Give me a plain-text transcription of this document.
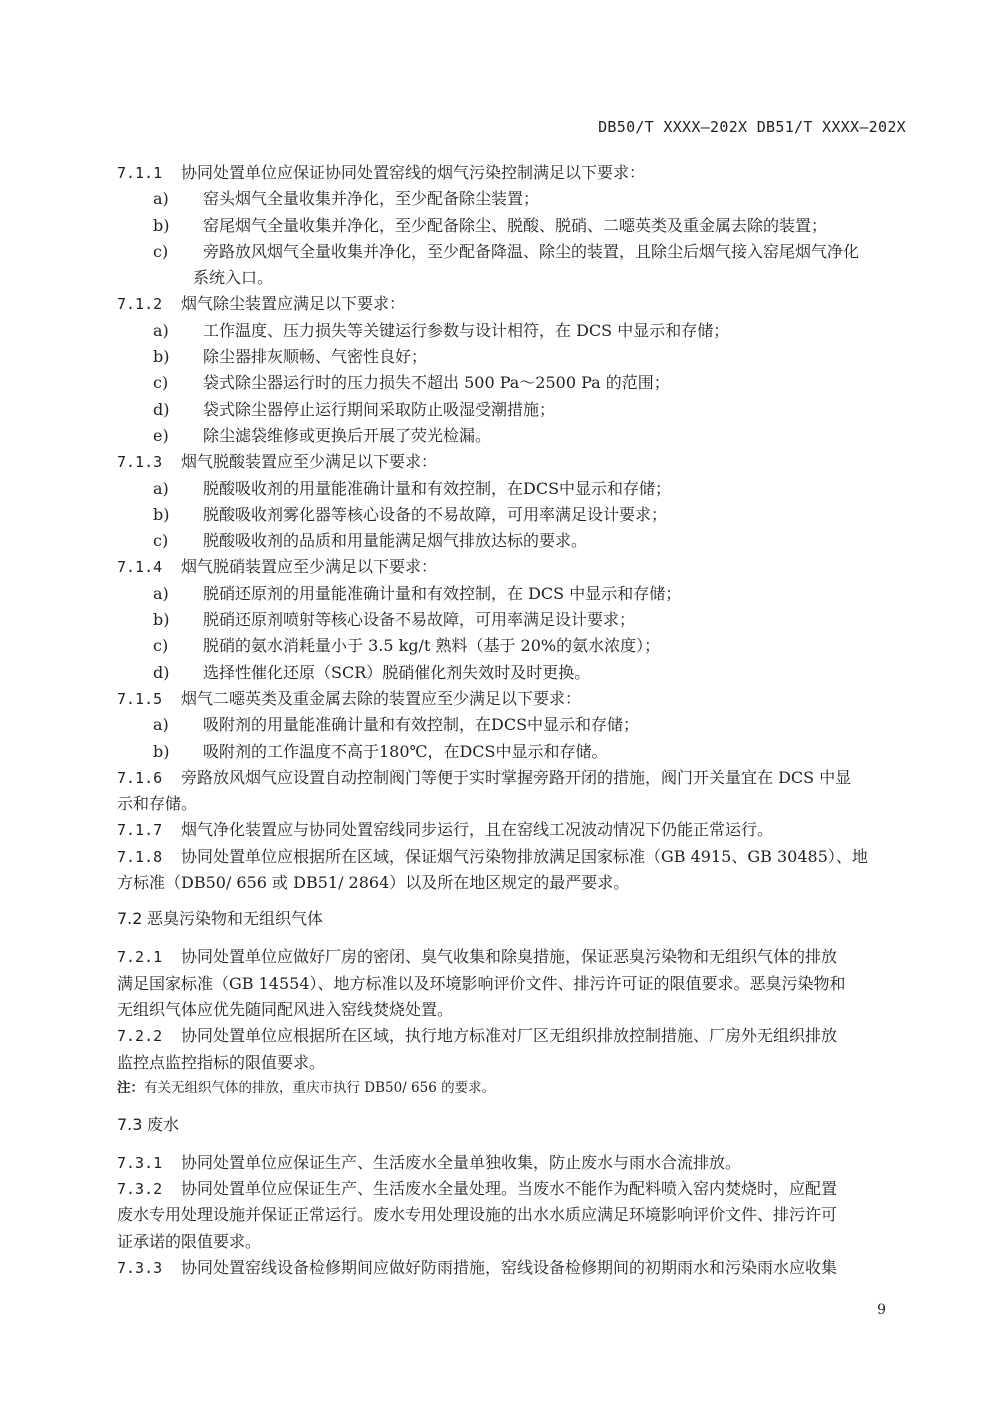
DB50/T XXXX—202X DB51/T XXXX—202X
7.1.1 协同处置单位应保证协同处置窑线的烟气污染控制满足以下要求：
a) 窑头烟气全量收集并净化，至少配备除尘装置；
b) 窑尾烟气全量收集并净化，至少配备除尘、脱酸、脱硝、二噁英类及重金属去除的装置；
c) 旁路放风烟气全量收集并净化，至少配备降温、除尘的装置，且除尘后烟气接入窑尾烟气净化
系统入口。
7.1.2 烟气除尘装置应满足以下要求：
a) 工作温度、压力损失等关键运行参数与设计相符，在 DCS 中显示和存储；
b) 除尘器排灰顺畅、气密性良好；
c) 袋式除尘器运行时的压力损失不超出 500 Pa～2500 Pa 的范围；
d) 袋式除尘器停止运行期间采取防止吸湿受潮措施；
e) 除尘滤袋维修或更换后开展了荧光检漏。
7.1.3 烟气脱酸装置应至少满足以下要求：
a) 脱酸吸收剂的用量能准确计量和有效控制，在DCS中显示和存储；
b) 脱酸吸收剂雾化器等核心设备的不易故障，可用率满足设计要求；
c) 脱酸吸收剂的品质和用量能满足烟气排放达标的要求。
7.1.4 烟气脱硝装置应至少满足以下要求：
a) 脱硝还原剂的用量能准确计量和有效控制，在 DCS 中显示和存储；
b) 脱硝还原剂喷射等核心设备不易故障，可用率满足设计要求；
c) 脱硝的氨水消耗量小于 3.5 kg/t 熟料（基于 20%的氨水浓度）；
d) 选择性催化还原（SCR）脱硝催化剂失效时及时更换。
7.1.5 烟气二噁英类及重金属去除的装置应至少满足以下要求：
a) 吸附剂的用量能准确计量和有效控制，在DCS中显示和存储；
b) 吸附剂的工作温度不高于180℃，在DCS中显示和存储。
7.1.6 旁路放风烟气应设置自动控制阀门等便于实时掌握旁路开闭的措施，阀门开关量宜在 DCS 中显
示和存储。
7.1.7 烟气净化装置应与协同处置窑线同步运行，且在窑线工况波动情况下仍能正常运行。
7.1.8 协同处置单位应根据所在区域，保证烟气污染物排放满足国家标准（GB 4915、GB 30485）、地
方标准（DB50/ 656 或 DB51/ 2864）以及所在地区规定的最严要求。
7.2 恶臭污染物和无组织气体
7.2.1 协同处置单位应做好厂房的密闭、臭气收集和除臭措施，保证恶臭污染物和无组织气体的排放
满足国家标准（GB 14554）、地方标准以及环境影响评价文件、排污许可证的限值要求。恶臭污染物和
无组织气体应优先随同配风进入窑线焚烧处置。
7.2.2 协同处置单位应根据所在区域，执行地方标准对厂区无组织排放控制措施、厂房外无组织排放
监控点监控指标的限值要求。
注：有关无组织气体的排放，重庆市执行 DB50/ 656 的要求。
7.3 废水
7.3.1 协同处置单位应保证生产、生活废水全量单独收集，防止废水与雨水合流排放。
7.3.2 协同处置单位应保证生产、生活废水全量处理。当废水不能作为配料喷入窑内焚烧时，应配置
废水专用处理设施并保证正常运行。废水专用处理设施的出水水质应满足环境影响评价文件、排污许可
证承诺的限值要求。
7.3.3 协同处置窑线设备检修期间应做好防雨措施，窑线设备检修期间的初期雨水和污染雨水应收集
9
